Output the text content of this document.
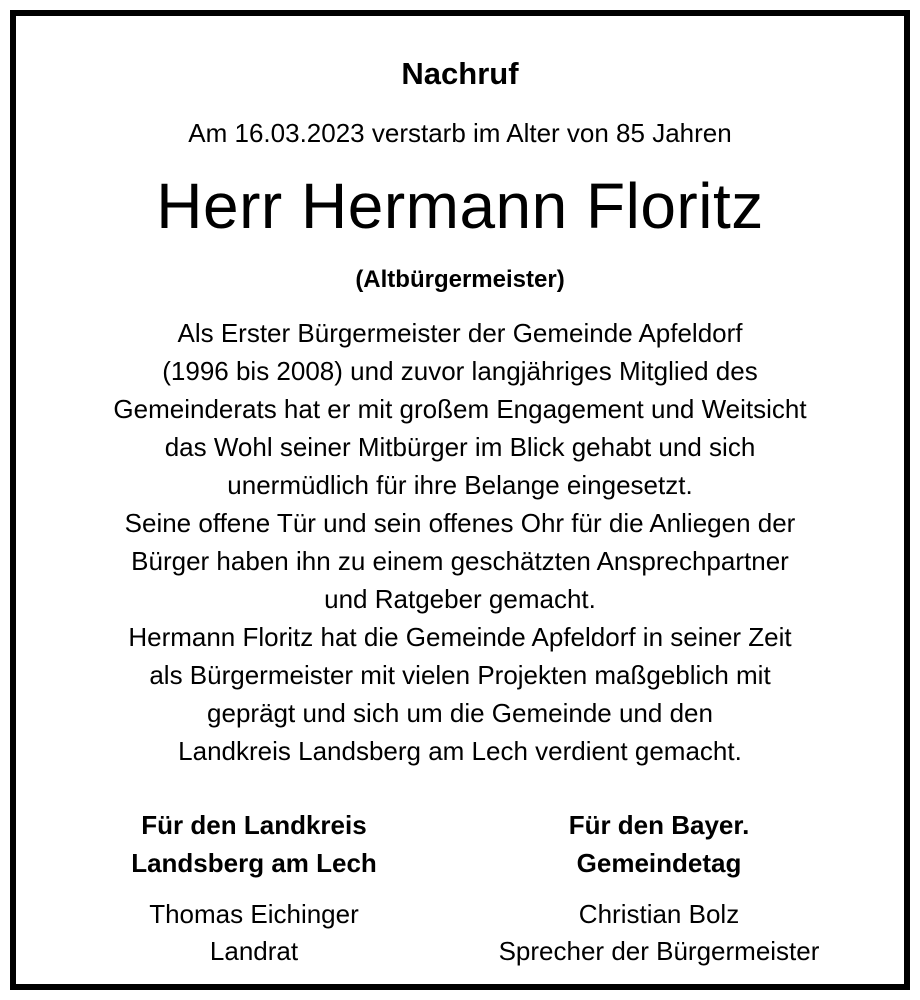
Nachruf
Am 16.03.2023 verstarb im Alter von 85 Jahren
Herr Hermann Floritz
(Altbürgermeister)
Als Erster Bürgermeister der Gemeinde Apfeldorf
(1996 bis 2008) und zuvor langjähriges Mitglied des
Gemeinderats hat er mit großem Engagement und Weitsicht
das Wohl seiner Mitbürger im Blick gehabt und sich
unermüdlich für ihre Belange eingesetzt.
Seine offene Tür und sein offenes Ohr für die Anliegen der
Bürger haben ihn zu einem geschätzten Ansprechpartner
und Ratgeber gemacht.
Hermann Floritz hat die Gemeinde Apfeldorf in seiner Zeit
als Bürgermeister mit vielen Projekten maßgeblich mit
geprägt und sich um die Gemeinde und den
Landkreis Landsberg am Lech verdient gemacht.
Für den Landkreis
Landsberg am Lech
Thomas Eichinger
Landrat
Für den Bayer.
Gemeindetag
Christian Bolz
Sprecher der Bürgermeister
